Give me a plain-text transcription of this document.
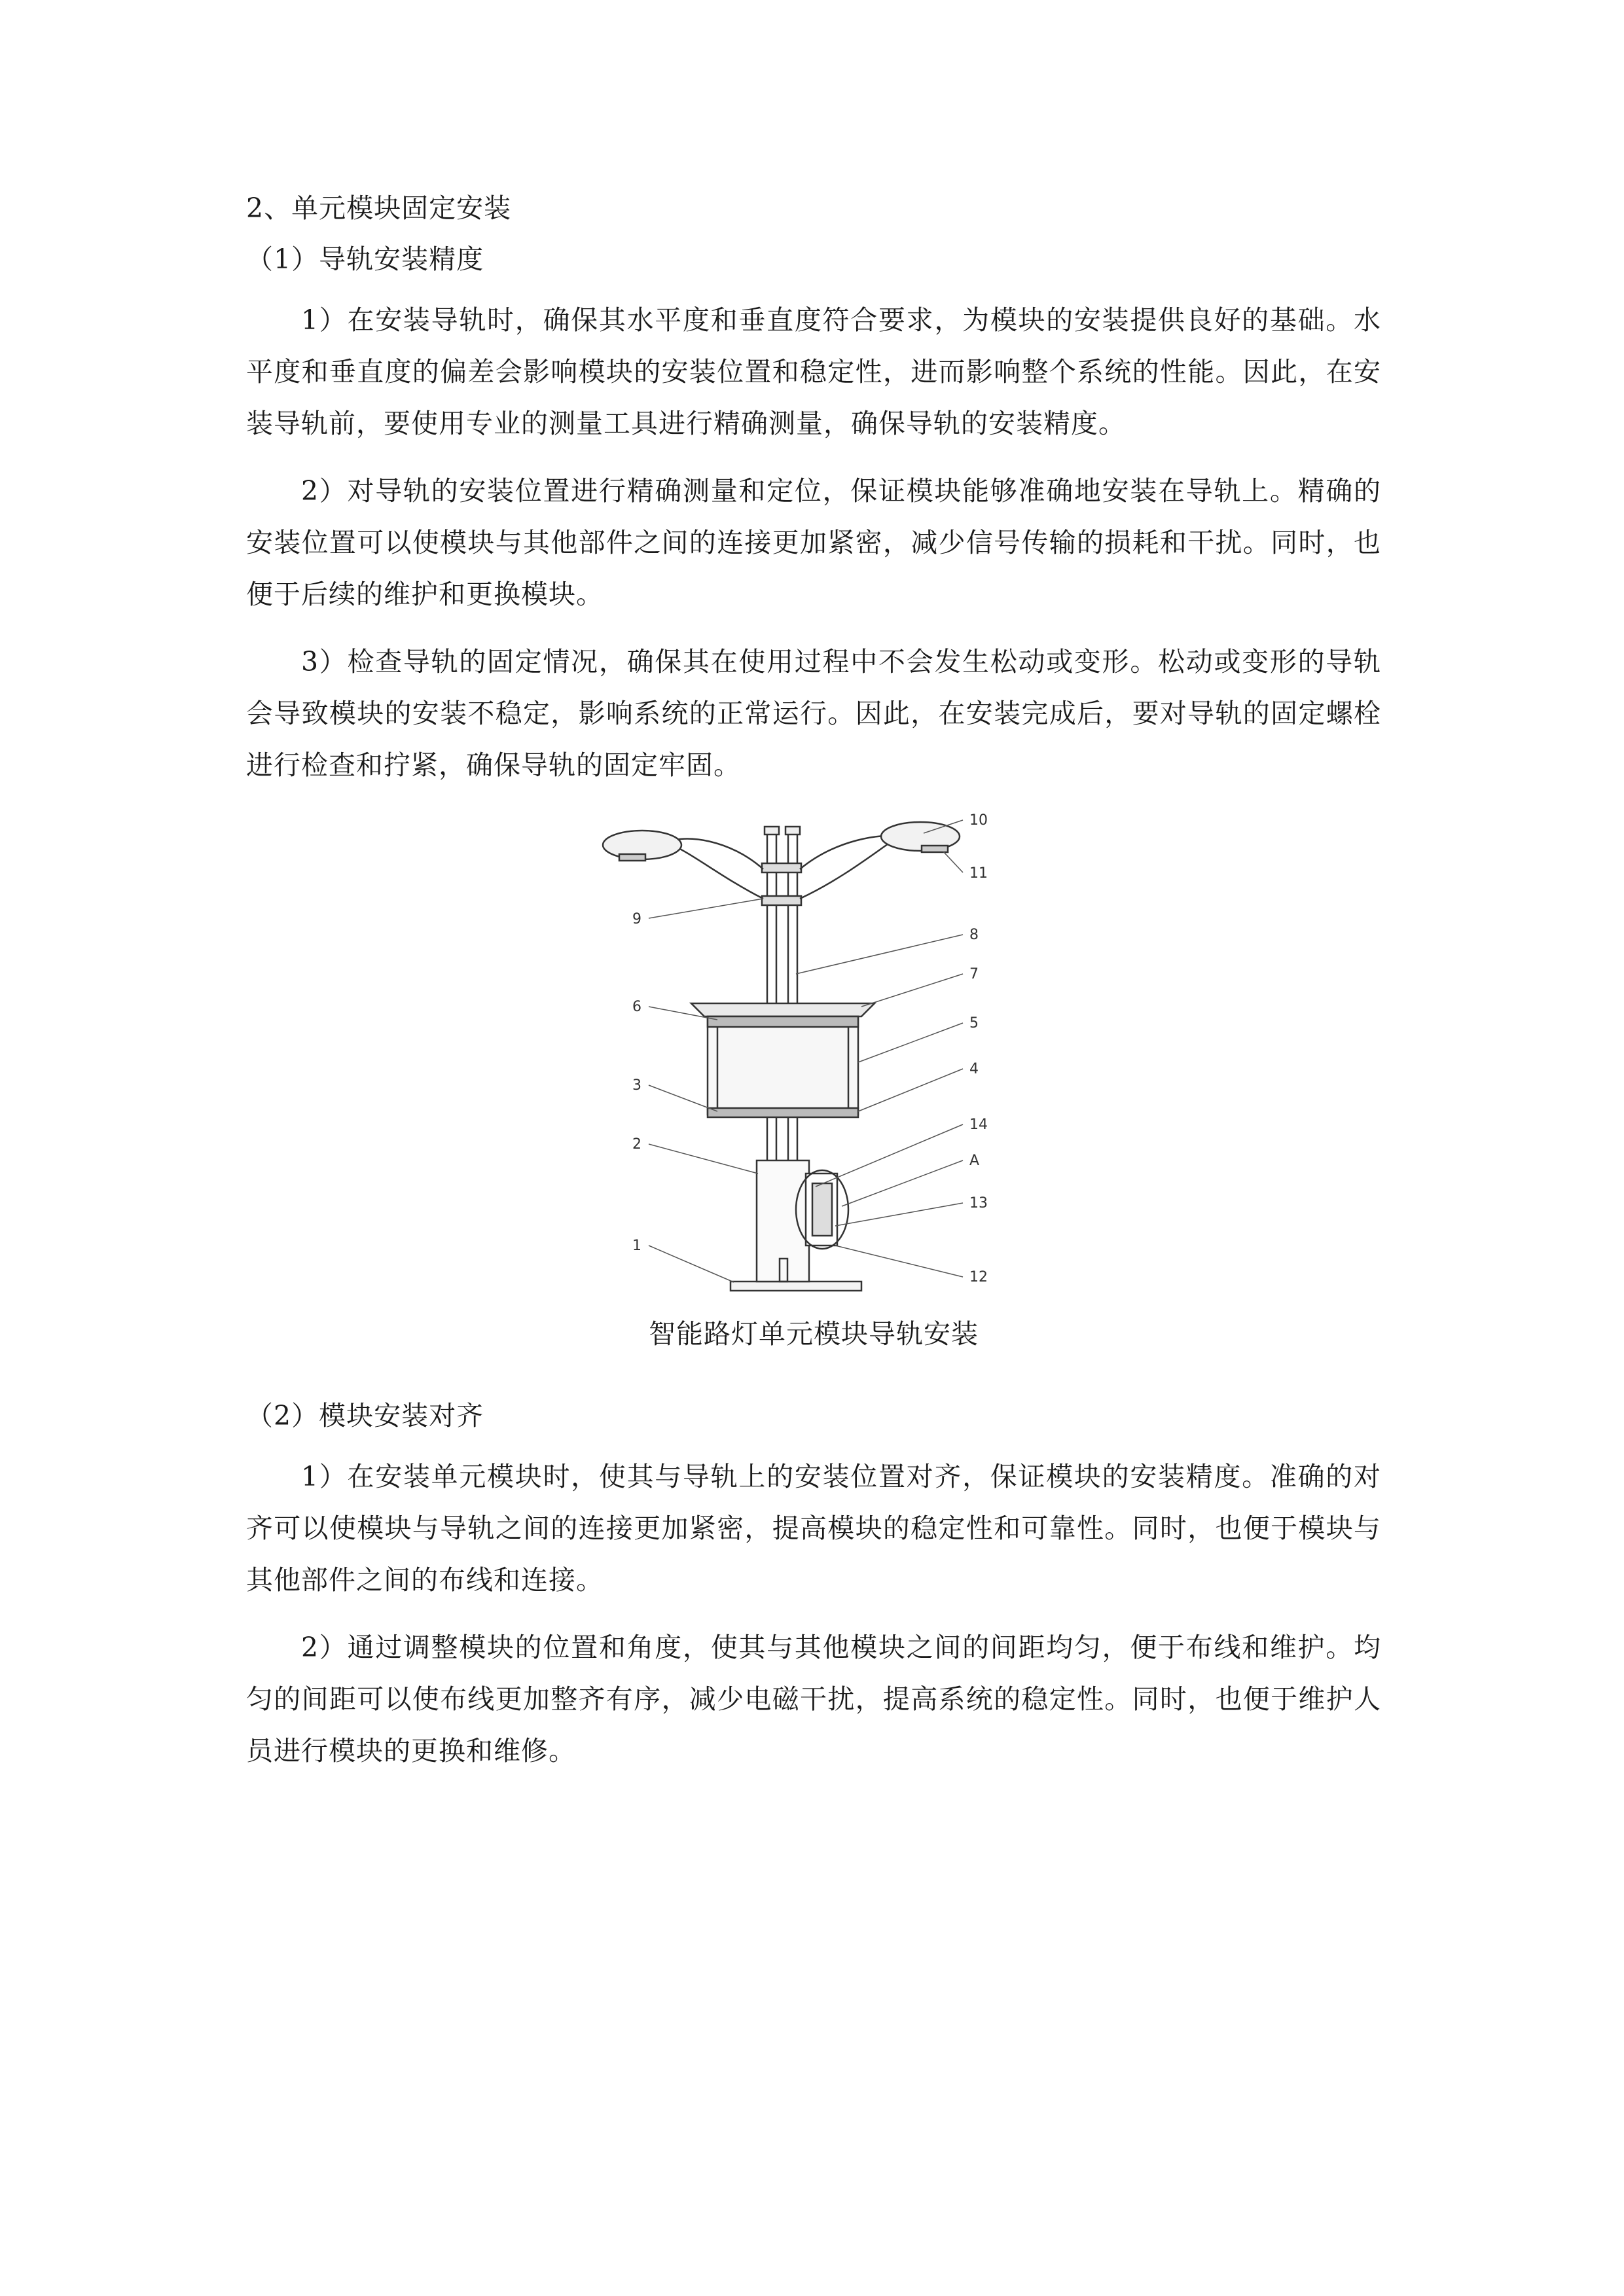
2、单元模块固定安装

（1）导轨安装精度

1）在安装导轨时，确保其水平度和垂直度符合要求，为模块的安装提供良好的基础。水平度和垂直度的偏差会影响模块的安装位置和稳定性，进而影响整个系统的性能。因此，在安装导轨前，要使用专业的测量工具进行精确测量，确保导轨的安装精度。

2）对导轨的安装位置进行精确测量和定位，保证模块能够准确地安装在导轨上。精确的安装位置可以使模块与其他部件之间的连接更加紧密，减少信号传输的损耗和干扰。同时，也便于后续的维护和更换模块。

3）检查导轨的固定情况，确保其在使用过程中不会发生松动或变形。松动或变形的导轨会导致模块的安装不稳定，影响系统的正常运行。因此，在安装完成后，要对导轨的固定螺栓进行检查和拧紧，确保导轨的固定牢固。

10
11
9
8
7
6
5
4
3
2
14
A
13
1
12
智能路灯单元模块导轨安装

（2）模块安装对齐

1）在安装单元模块时，使其与导轨上的安装位置对齐，保证模块的安装精度。准确的对齐可以使模块与导轨之间的连接更加紧密，提高模块的稳定性和可靠性。同时，也便于模块与其他部件之间的布线和连接。

2）通过调整模块的位置和角度，使其与其他模块之间的间距均匀，便于布线和维护。均匀的间距可以使布线更加整齐有序，减少电磁干扰，提高系统的稳定性。同时，也便于维护人员进行模块的更换和维修。
